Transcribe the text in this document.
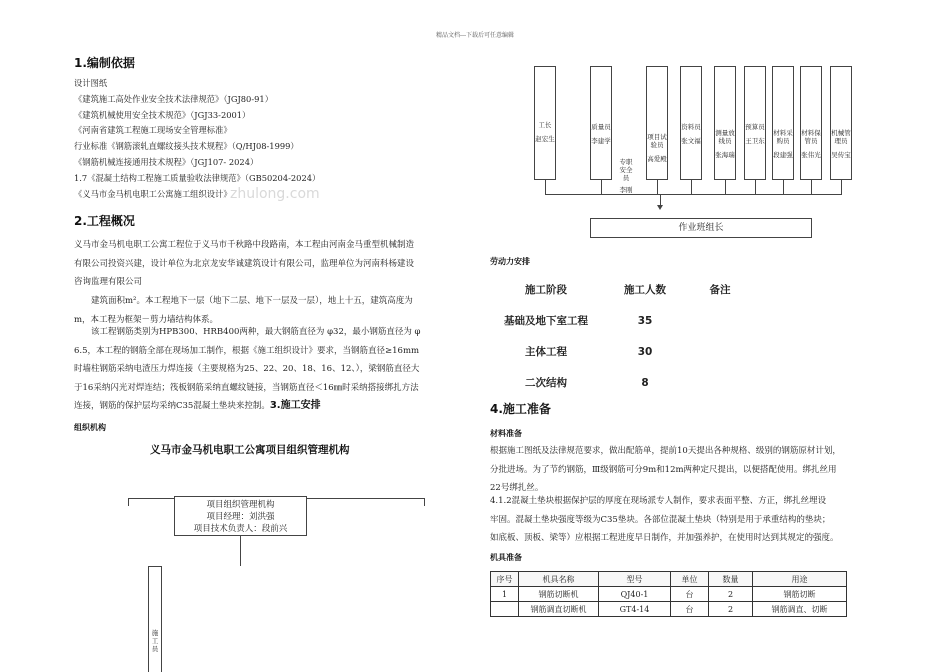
精品文档---下载后可任意编辑
1.编制依据
设计图纸
《建筑施工高处作业安全技术法律规范》（JGJ80-91）
《建筑机械使用安全技术规范》（JGJ33-2001）
《河南省建筑工程施工现场安全管理标准》
行业标准《钢筋滚轧直螺纹接头技术规程》（Q/HJ08-1999）
《钢筋机械连接通用技术规程》（JGJ107- 2024）
1.7《混凝土结构工程施工质量验收法律规范》（GB50204-2024）
《义马市金马机电职工公寓施工组织设计》
zhulong.com
2.工程概况

义马市金马机电职工公寓工程位于义马市千秋路中段路南，本工程由河南金马重型机械制造

有限公司投资兴建，设计单位为北京龙安华诚建筑设计有限公司，监理单位为河南科杨建设

咨询监理有限公司

建筑面积m²。本工程地下一层（地下二层、地下一层及一层），地上十五，建筑高度为

m，本工程为框架－剪力墙结构体系。

该工程钢筋类别为HPB300、HRB400两种，最大钢筋直径为 φ32，最小钢筋直径为 φ

6.5，本工程的钢筋全部在现场加工制作，根据《施工组织设计》要求，当钢筋直径≥16mm

时墙柱钢筋采纳电渣压力焊连接（主要规格为25、22、20、18、16、12、），梁钢筋直径大

于16采纳闪光对焊连结；筏板钢筋采纳直螺纹链接，当钢筋直径＜16㎜时采纳搭接绑扎方法

连接，钢筋的保护层均采纳C35混凝土垫块来控制。3.施工安排

组织机构
义马市金马机电职工公寓项目组织管理机构
项目组织管理机构
项目经理：刘洪强
项目技术负责人：段前兴
施工员
工长
赵宏生
质量员
李建学
专职安全员
李刚
项目试验员
高爱殿
资料员
张文福
测量放线员
张海瑞
预算员
王卫东
材料采购员
段建强
材料保管员
张伟光
机械管理员
吴传宝
作业班组长
劳动力安排
施工阶段	施工人数	备注
基础及地下室工程	35	
主体工程	30	
二次结构	8	
4.施工准备
材料准备

根据施工图纸及法律规范要求，做出配筋单，提前10天提出各种规格、级别的钢筋原材计划，

分批进场。为了节约钢筋，Ⅲ级钢筋可分9m和12m两种定尺提出，以便搭配使用。绑扎丝用

22号绑扎丝。

4.1.2混凝土垫块根据保护层的厚度在现场派专人制作，要求表面平整、方正，绑扎丝埋设

牢固。混凝土垫块强度等级为C35垫块。各部位混凝土垫块（特别是用于承重结构的垫块；

如底板、顶板、梁等）应根据工程进度早日制作，并加强养护，在使用时达到其规定的强度。

机具准备
序号	机具名称	型号	单位	数量	用途
1	钢筋切断机	QJ40-1	台	2	钢筋切断
	钢筋调直切断机	GT4-14	台	2	钢筋调直、切断
